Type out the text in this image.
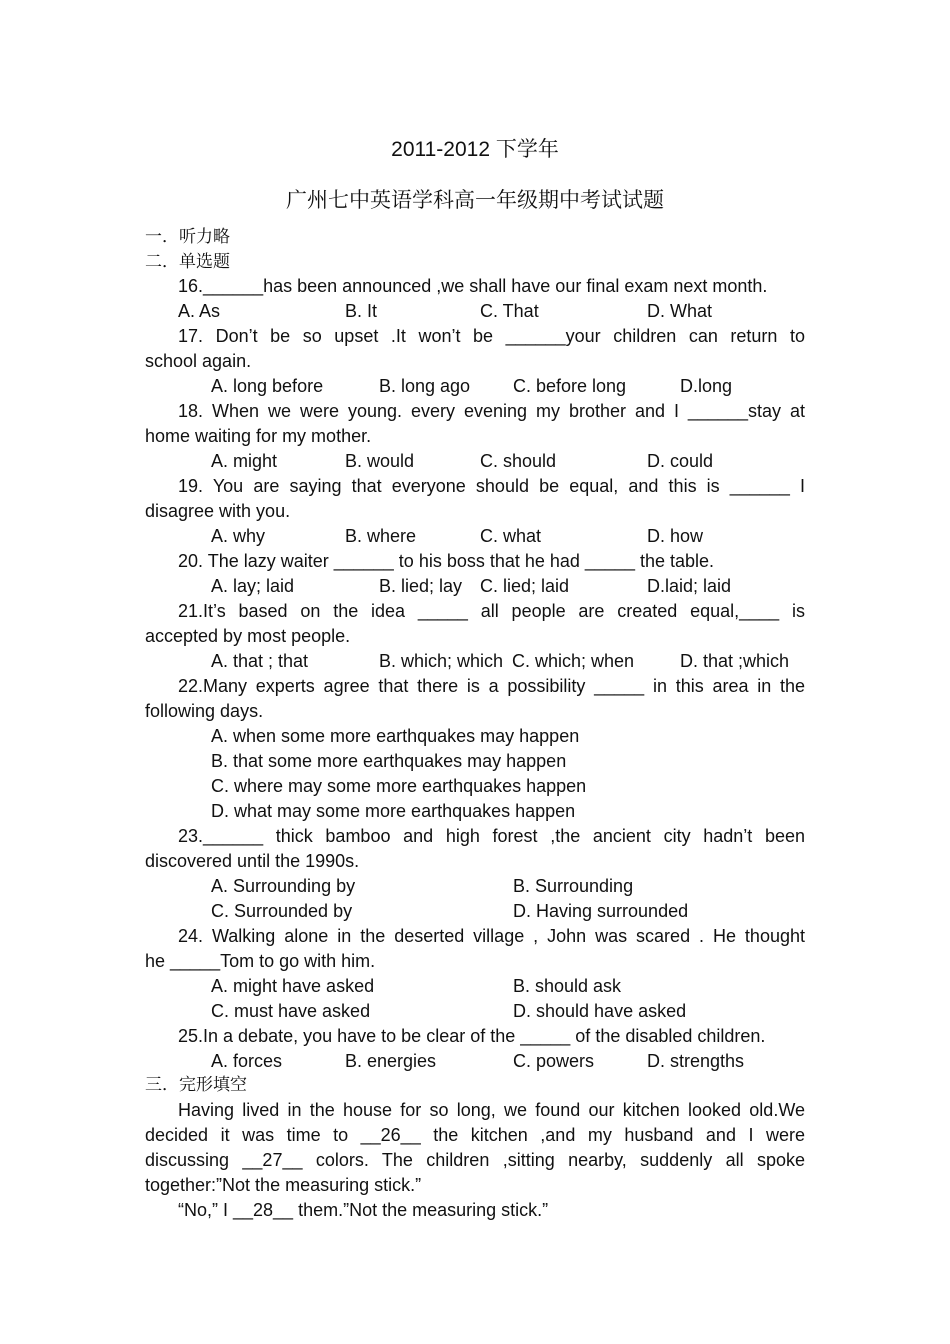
2011-2012 下学年
广州七中英语学科高一年级期中考试试题
一．听力略
二．单选题
16.______has been announced ,we shall have our final exam next month.
A. As	B. It	C. That	D. What
17. Don’t be so upset .It won’t be ______your children can return to
school again.
A. long before	B. long ago C. before long	D.long
18. When we were young. every evening my brother and I ______stay at
home waiting for my mother.
A. might	B. would	C. should	D. could
19. You are saying that everyone should be equal, and this is ______ I
disagree with you.
A. why	B. where	C. what	D. how
20. The lazy waiter ______ to his boss that he had _____ the table.
A. lay; laid	B. lied; lay C. lied; laid	D.laid; laid
21.It’s based on the idea _____ all people are created equal,____ is
accepted by most people.
A. that ; that	B. which; which C. which; when	D. that ;which
22.Many experts agree that there is a possibility _____ in this area in the
following days.
A. when some more earthquakes may happen
B. that some more earthquakes may happen
C. where may some more earthquakes happen
D. what may some more earthquakes happen
23.______ thick bamboo and high forest ,the ancient city hadn’t been
discovered until the 1990s.
A. Surrounding by	B. Surrounding
C. Surrounded by	D. Having surrounded
24. Walking alone in the deserted village , John was scared . He thought
he _____Tom to go with him.
A. might have asked	B. should ask
C. must have asked	D. should have asked
25.In a debate, you have to be clear of the _____ of the disabled children.
A. forces	B. energies	C. powers	D. strengths
三．完形填空
Having lived in the house for so long, we found our kitchen looked old.We
decided it was time to __26__ the kitchen ,and my husband and I were
discussing __27__ colors. The children ,sitting nearby, suddenly all spoke
together:”Not the measuring stick.”
“No,” I __28__ them.”Not the measuring stick.”
